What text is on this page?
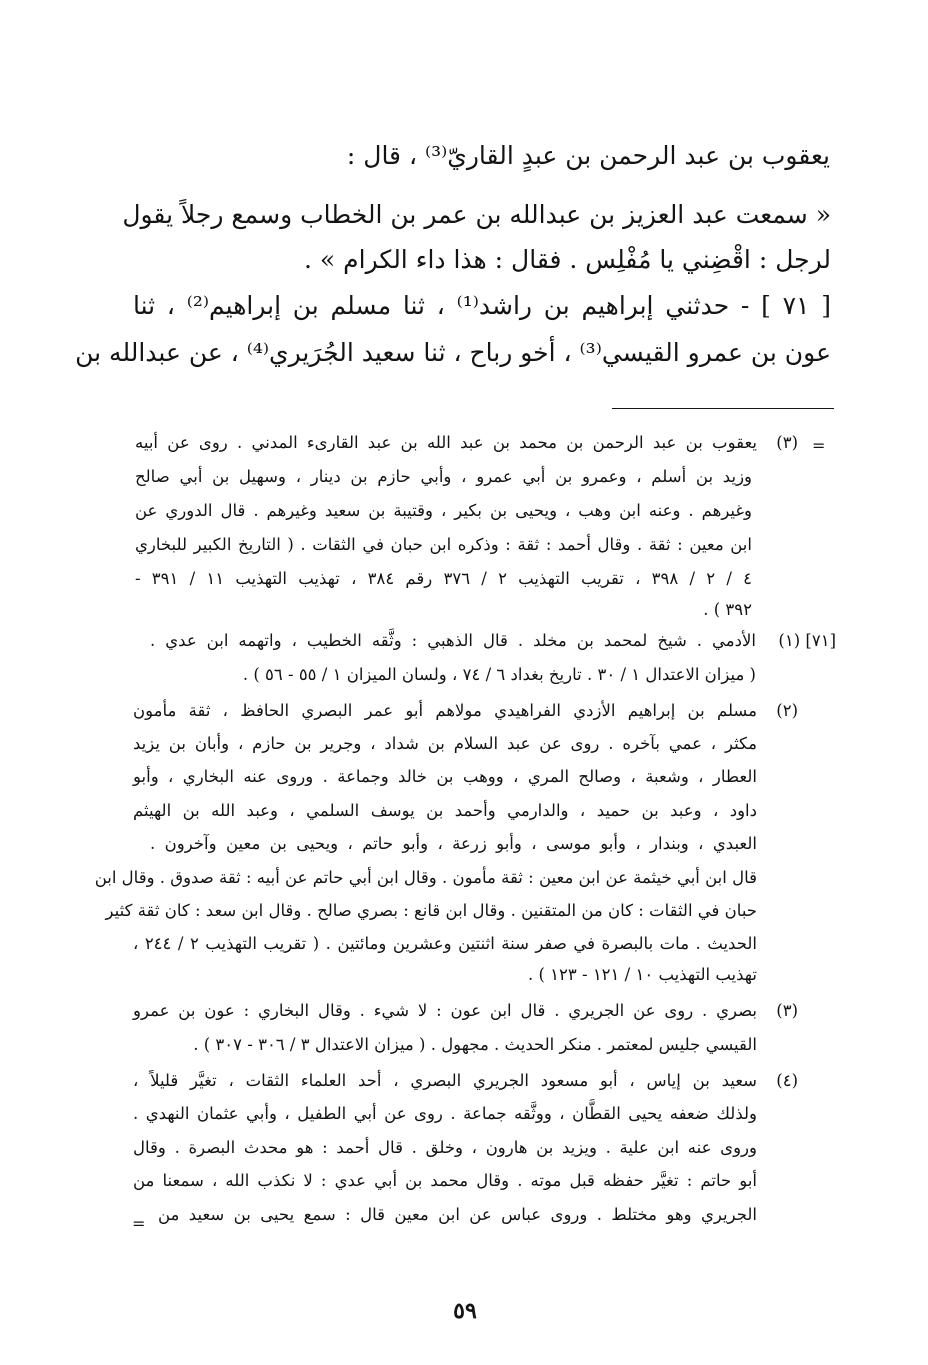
يعقوب بن عبد الرحمن بن عبدٍ القاريّ⁽³⁾ ، قال :
« سمعت عبد العزيز بن عبدالله بن عمر بن الخطاب وسمع رجلاً يقول
لرجل : اقْضِني يا مُفْلِس . فقال : هذا داء الكرام » .
[ ٧١ ] - حدثني إبراهيم بن راشد⁽¹⁾ ، ثنا مسلم بن إبراهيم⁽²⁾ ، ثنا
عون بن عمرو القيسي⁽³⁾ ، أخو رباح ، ثنا سعيد الجُرَيري⁽⁴⁾ ، عن عبدالله بن
=
(٣)
يعقوب بن عبد الرحمن بن محمد بن عبد الله بن عبد القارىء المدني . روى عن أبيه
وزيد بن أسلم ، وعمرو بن أبي عمرو ، وأبي حازم بن دينار ، وسهيل بن أبي صالح
وغيرهم . وعنه ابن وهب ، ويحيى بن بكير ، وقتيبة بن سعيد وغيرهم . قال الدوري عن
ابن معين : ثقة . وقال أحمد : ثقة : وذكره ابن حبان في الثقات . ( التاريخ الكبير للبخاري
٤ / ٢ / ٣٩٨ ، تقريب التهذيب ٢ / ٣٧٦ رقم ٣٨٤ ، تهذيب التهذيب ١١ / ٣٩١ -
٣٩٢ ) .
[٧١] (١)
الأدمي . شيخ لمحمد بن مخلد . قال الذهبي : وثَّقه الخطيب ، واتهمه ابن عدي .
( ميزان الاعتدال ١ / ٣٠ . تاريخ بغداد ٦ / ٧٤ ، ولسان الميزان ١ / ٥٥ - ٥٦ ) .
(٢)
مسلم بن إبراهيم الأزدي الفراهيدي مولاهم أبو عمر البصري الحافظ ، ثقة مأمون
مكثر ، عمي بآخره . روى عن عبد السلام بن شداد ، وجرير بن حازم ، وأبان بن يزيد
العطار ، وشعبة ، وصالح المري ، ووهب بن خالد وجماعة . وروى عنه البخاري ، وأبو
داود ، وعبد بن حميد ، والدارمي وأحمد بن يوسف السلمي ، وعبد الله بن الهيثم
العبدي ، وبندار ، وأبو موسى ، وأبو زرعة ، وأبو حاتم ، ويحيى بن معين وآخرون .
قال ابن أبي خيثمة عن ابن معين : ثقة مأمون . وقال ابن أبي حاتم عن أبيه : ثقة صدوق . وقال ابن
حبان في الثقات : كان من المتقنين . وقال ابن قانع : بصري صالح . وقال ابن سعد : كان ثقة كثير
الحديث . مات بالبصرة في صفر سنة اثنتين وعشرين ومائتين . ( تقريب التهذيب ٢ / ٢٤٤ ،
تهذيب التهذيب ١٠ / ١٢١ - ١٢٣ ) .
(٣)
بصري . روى عن الجريري . قال ابن عون : لا شيء . وقال البخاري : عون بن عمرو
القيسي جليس لمعتمر . منكر الحديث . مجهول . ( ميزان الاعتدال ٣ / ٣٠٦ - ٣٠٧ ) .
(٤)
سعيد بن إياس ، أبو مسعود الجريري البصري ، أحد العلماء الثقات ، تغيَّر قليلاً ،
ولذلك ضعفه يحيى القطَّان ، ووثَّقه جماعة . روى عن أبي الطفيل ، وأبي عثمان النهدي .
وروى عنه ابن علية . ويزيد بن هارون ، وخلق . قال أحمد : هو محدث البصرة . وقال
أبو حاتم : تغيَّر حفظه قبل موته . وقال محمد بن أبي عدي : لا نكذب الله ، سمعنا من
الجريري وهو مختلط . وروى عباس عن ابن معين قال : سمع يحيى بن سعيد من
=
٥٩
